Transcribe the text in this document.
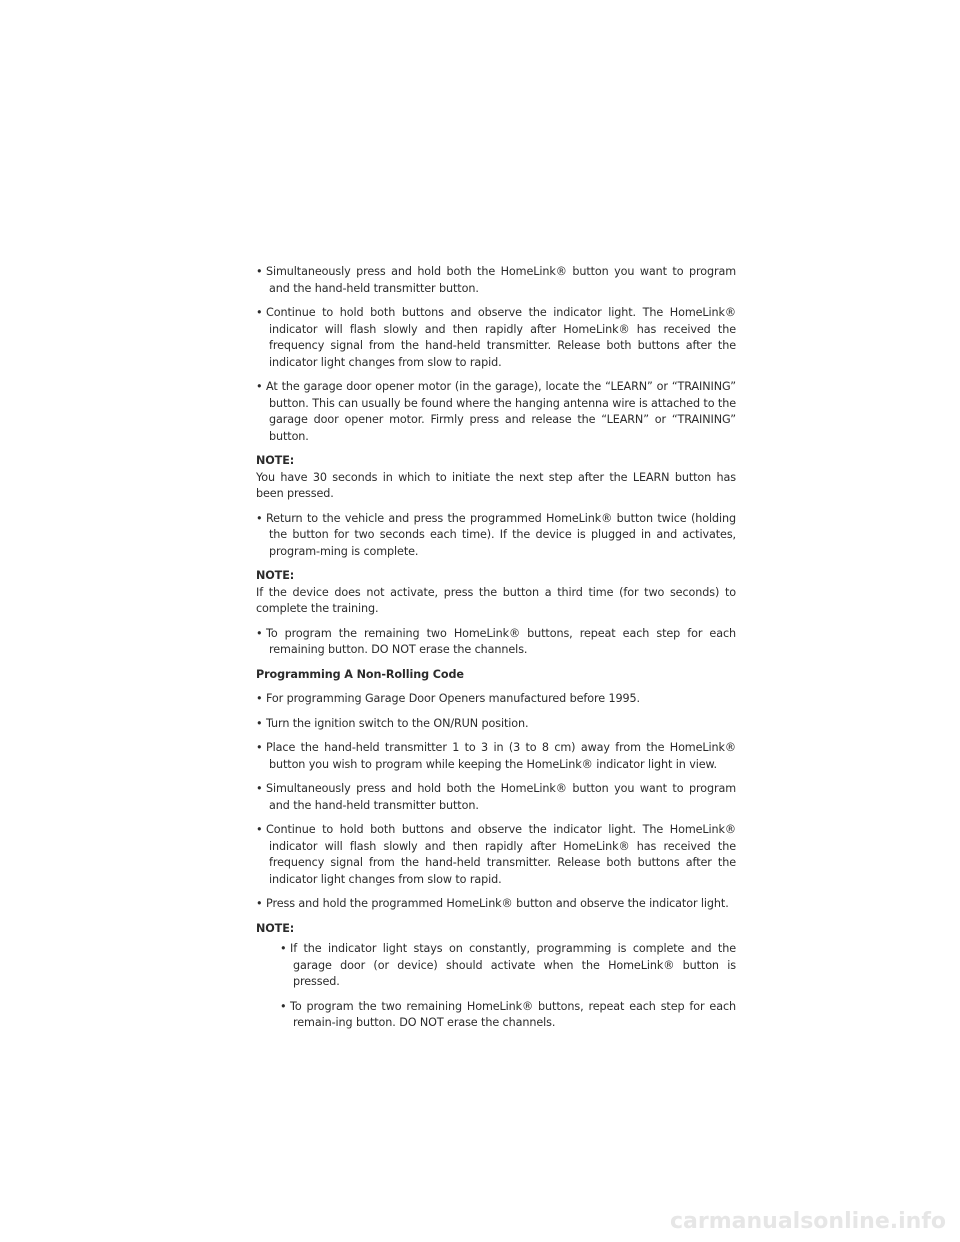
• Simultaneously press and hold both the HomeLink® button you want to program and the hand-held transmitter button.

• Continue to hold both buttons and observe the indicator light. The HomeLink® indicator will flash slowly and then rapidly after HomeLink® has received the frequency signal from the hand-held transmitter. Release both buttons after the indicator light changes from slow to rapid.

• At the garage door opener motor (in the garage), locate the “LEARN” or “TRAINING” button. This can usually be found where the hanging antenna wire is attached to the garage door opener motor. Firmly press and release the “LEARN” or “TRAINING” button.

NOTE:
You have 30 seconds in which to initiate the next step after the LEARN button has been pressed.

• Return to the vehicle and press the programmed HomeLink® button twice (holding the button for two seconds each time). If the device is plugged in and activates, program-ming is complete.

NOTE:
If the device does not activate, press the button a third time (for two seconds) to complete the training.

• To program the remaining two HomeLink® buttons, repeat each step for each remaining button. DO NOT erase the channels.

Programming A Non-Rolling Code

• For programming Garage Door Openers manufactured before 1995.

• Turn the ignition switch to the ON/RUN position.

• Place the hand-held transmitter 1 to 3 in (3 to 8 cm) away from the HomeLink® button you wish to program while keeping the HomeLink® indicator light in view.

• Simultaneously press and hold both the HomeLink® button you want to program and the hand-held transmitter button.

• Continue to hold both buttons and observe the indicator light. The HomeLink® indicator will flash slowly and then rapidly after HomeLink® has received the frequency signal from the hand-held transmitter. Release both buttons after the indicator light changes from slow to rapid.

• Press and hold the programmed HomeLink® button and observe the indicator light.

NOTE:

• If the indicator light stays on constantly, programming is complete and the garage door (or device) should activate when the HomeLink® button is pressed.

• To program the two remaining HomeLink® buttons, repeat each step for each remain-ing button. DO NOT erase the channels.

carmanualsonline.info
